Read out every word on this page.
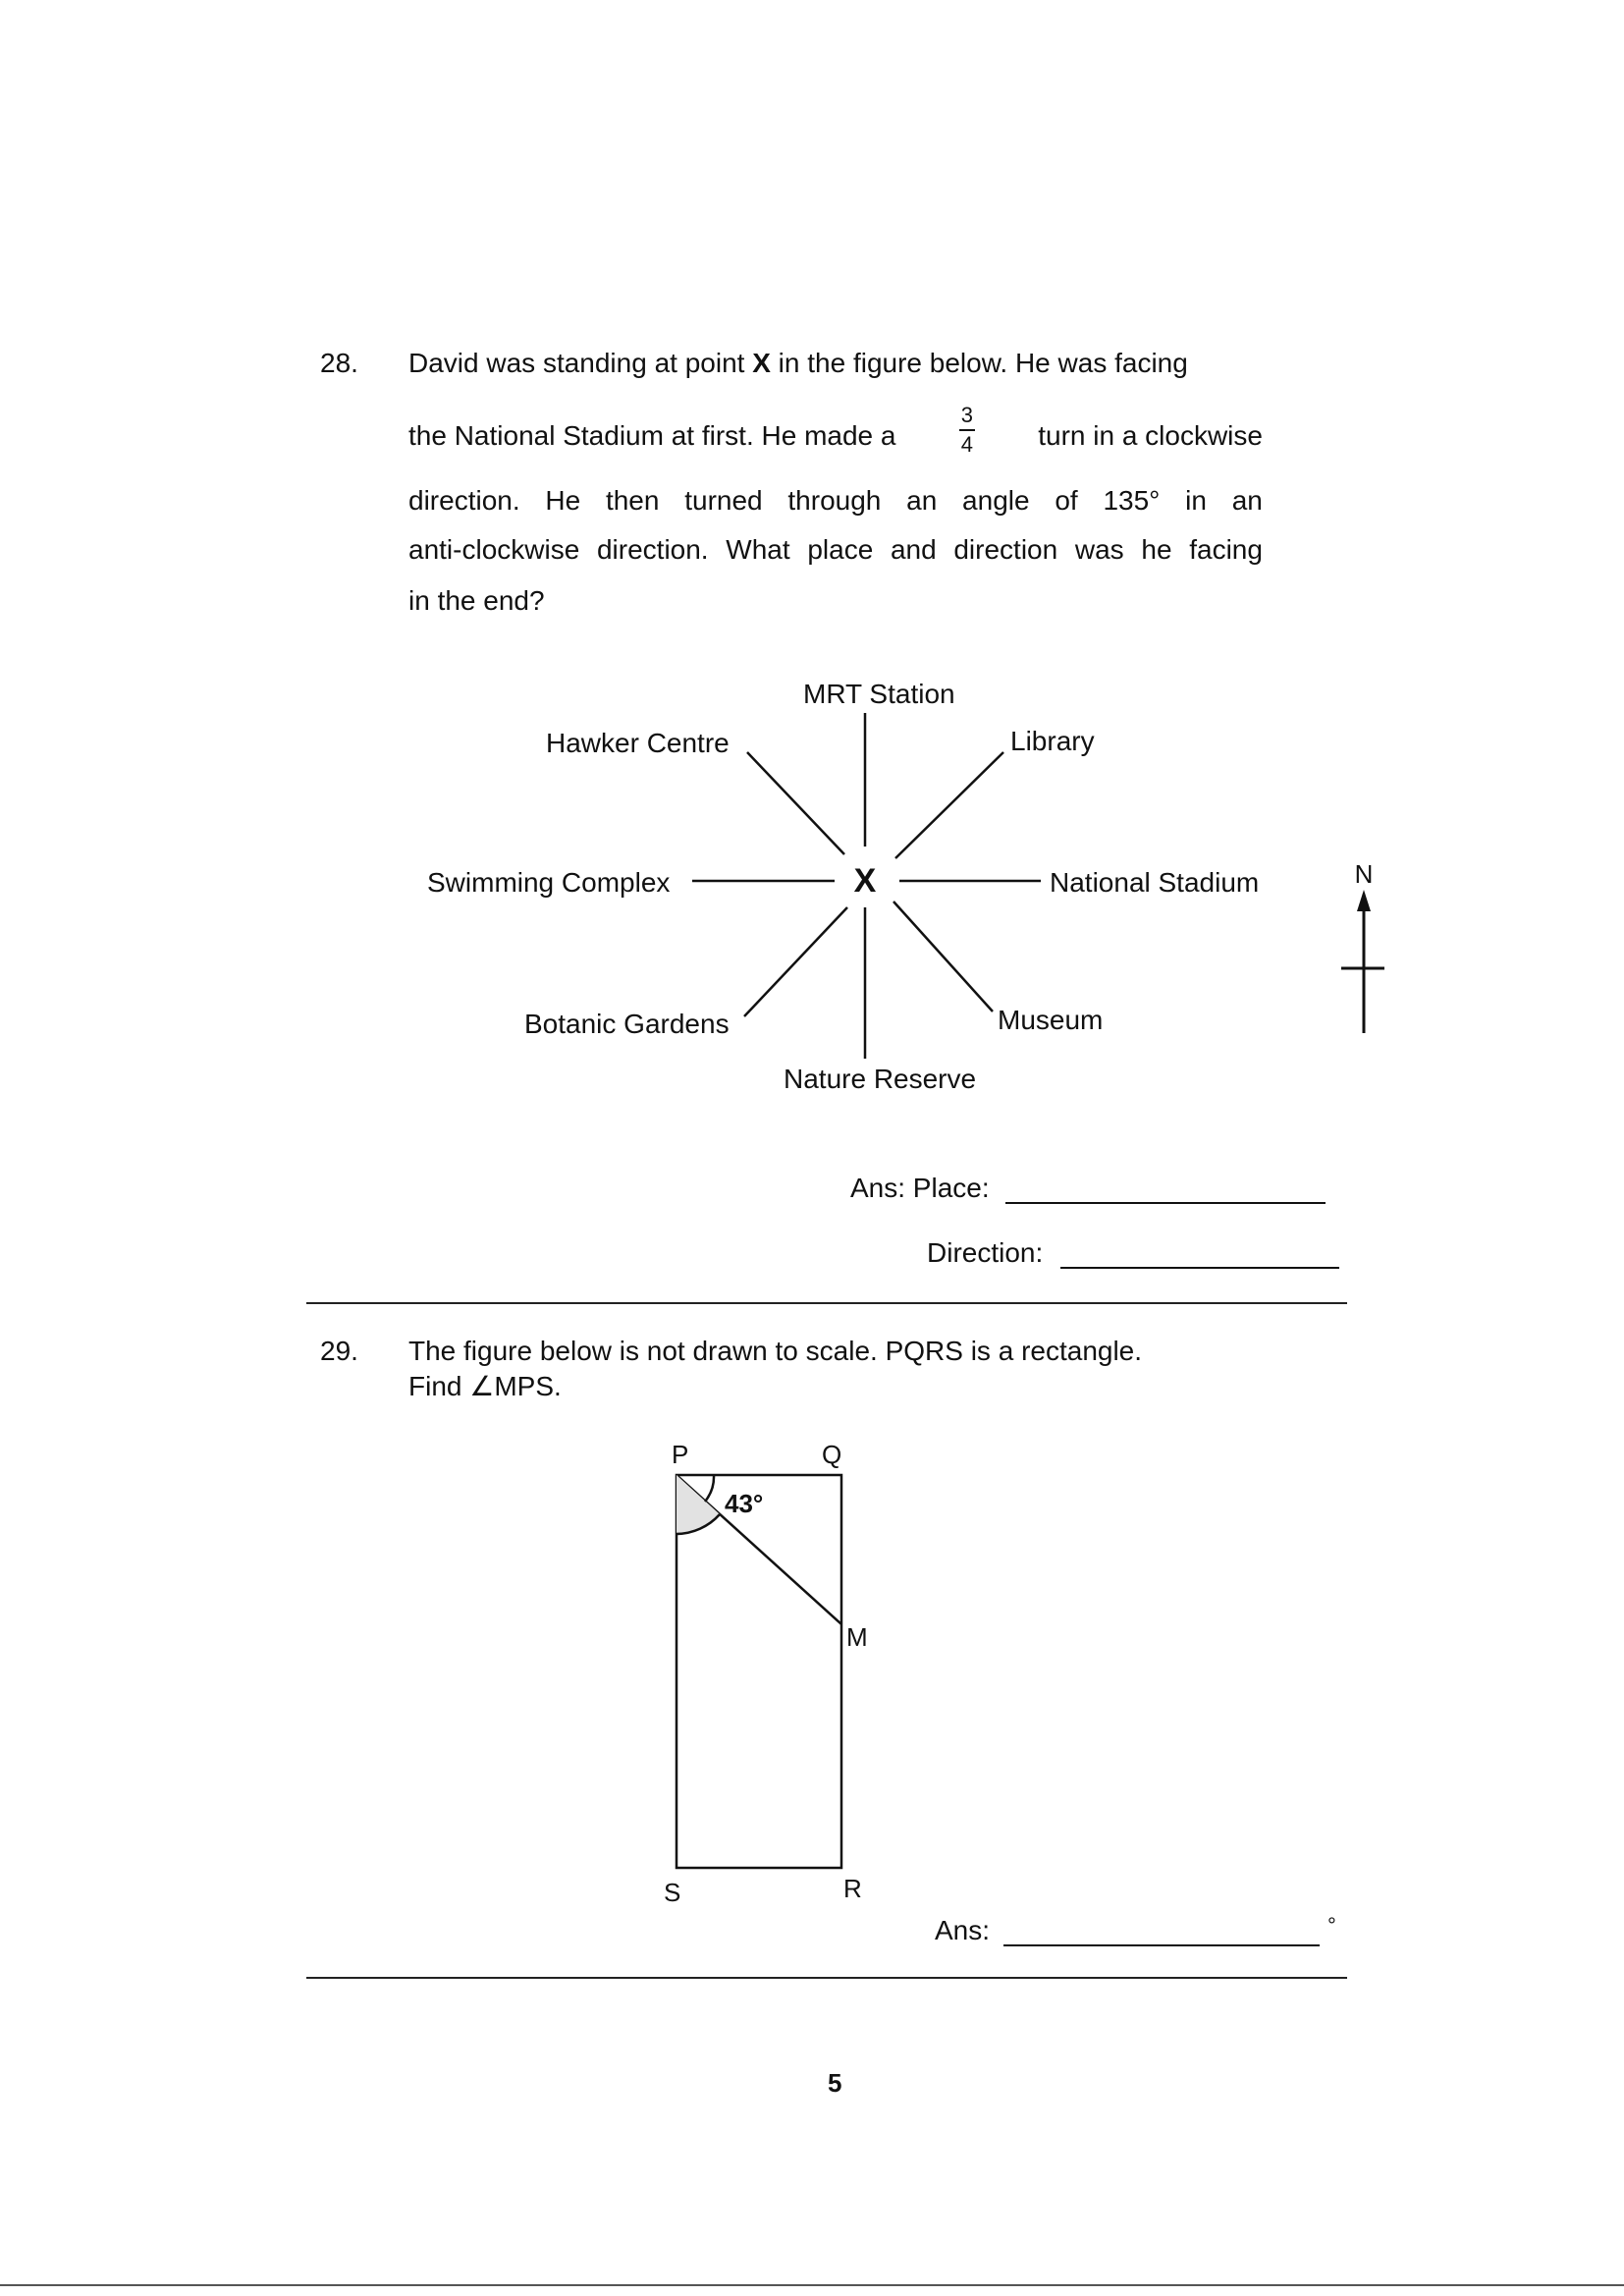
28. David was standing at point X in the figure below. He was facing
the National Stadium at first. He made a	$\frac{3}{4}$ turn in a clockwise
direction. He then turned through an angle of 135° in an
anti-clockwise direction. What place and direction was he facing
in the end?
X
MRT Station
Library
National Stadium
Museum
Nature Reserve
Botanic Gardens
Swimming Complex
Hawker Centre
N
Ans: Place:
Direction:
29. The figure below is not drawn to scale. PQRS is a rectangle.
Find ∠MPS.
43°
P	Q
M
S	R
Ans:	°
5
